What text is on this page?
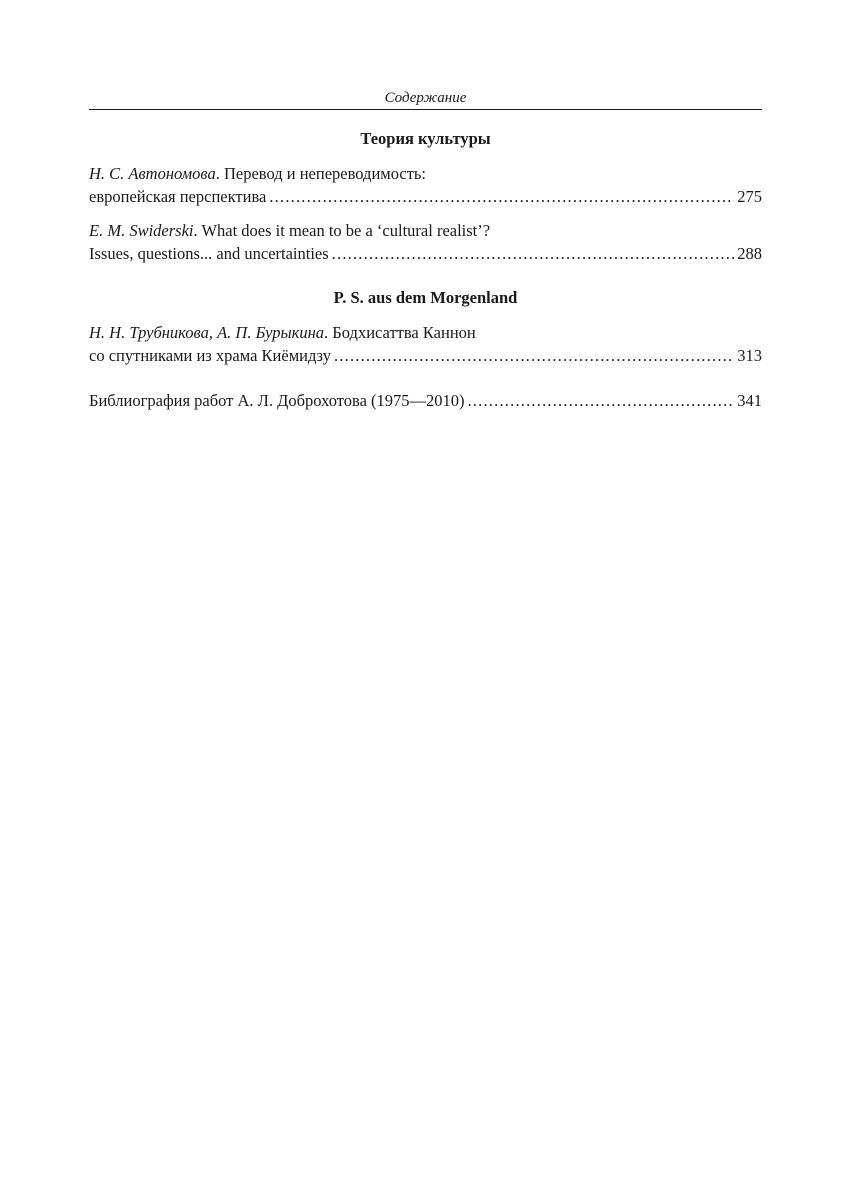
Содержание
Теория культуры
Н. С. Автономова. Перевод и непереводимость:
европейская перспектива .....	275
E. M. Swiderski. What does it mean to be a ‘cultural realist’?
Issues, questions... and uncertainties .....	288
P. S. aus dem Morgenland
Н. Н. Трубникова, А. П. Бурыкина. Бодхисаттва Каннон
со спутниками из храма Киёмидзу .....	313
Библиография работ А. Л. Доброхотова (1975—2010) .....	341
